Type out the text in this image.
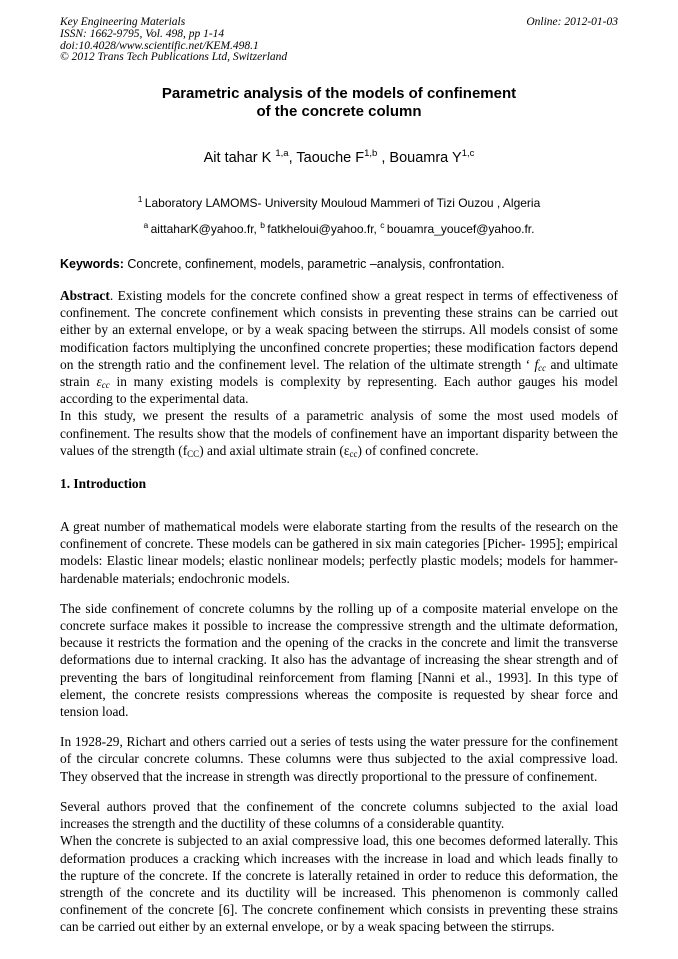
Key Engineering Materials
ISSN: 1662-9795, Vol. 498, pp 1-14
doi:10.4028/www.scientific.net/KEM.498.1
© 2012 Trans Tech Publications Ltd, Switzerland
Online: 2012-01-03
Parametric analysis of the models of confinement
of the concrete column
Ait tahar K $^{1,a}$, Taouche F$^{1,b}$ , Bouamra Y$^{1,c}$
$^1$ Laboratory LAMOMS- University Mouloud Mammeri of Tizi Ouzou , Algeria
$^a$ aittaharK@yahoo.fr, $^b$ fatkheloui@yahoo.fr, $^c$ bouamra_youcef@yahoo.fr.
Keywords: Concrete, confinement, models, parametric –analysis, confrontation.

Abstract. Existing models for the concrete confined show a great respect in terms of effectiveness of confinement. The concrete confinement which consists in preventing these strains can be carried out either by an external envelope, or by a weak spacing between the stirrups. All models consist of some modification factors multiplying the unconfined concrete properties; these modification factors depend on the strength ratio and the confinement level. The relation of the ultimate strength ‘ $f_{cc}$ and ultimate strain $\varepsilon_{cc}$ in many existing models is complexity by representing. Each author gauges his model according to the experimental data.

In this study, we present the results of a parametric analysis of some the most used models of confinement. The results show that the models of confinement have an important disparity between the values of the strength $(f_{CC})$ and axial ultimate strain $(\varepsilon_{cc})$ of confined concrete.

1. Introduction

A great number of mathematical models were elaborate starting from the results of the research on the confinement of concrete. These models can be gathered in six main categories [Picher- 1995]; empirical models: Elastic linear models; elastic nonlinear models; perfectly plastic models; models for hammer-hardenable materials; endochronic models.

The side confinement of concrete columns by the rolling up of a composite material envelope on the concrete surface makes it possible to increase the compressive strength and the ultimate deformation, because it restricts the formation and the opening of the cracks in the concrete and limit the transverse deformations due to internal cracking. It also has the advantage of increasing the shear strength and of preventing the bars of longitudinal reinforcement from flaming [Nanni et al., 1993]. In this type of element, the concrete resists compressions whereas the composite is requested by shear force and tension load.

In 1928-29, Richart and others carried out a series of tests using the water pressure for the confinement of the circular concrete columns. These columns were thus subjected to the axial compressive load. They observed that the increase in strength was directly proportional to the pressure of confinement.

Several authors proved that the confinement of the concrete columns subjected to the axial load increases the strength and the ductility of these columns of a considerable quantity.

When the concrete is subjected to an axial compressive load, this one becomes deformed laterally. This deformation produces a cracking which increases with the increase in load and which leads finally to the rupture of the concrete. If the concrete is laterally retained in order to reduce this deformation, the strength of the concrete and its ductility will be increased. This phenomenon is commonly called confinement of the concrete [6]. The concrete confinement which consists in preventing these strains can be carried out either by an external envelope, or by a weak spacing between the stirrups.
